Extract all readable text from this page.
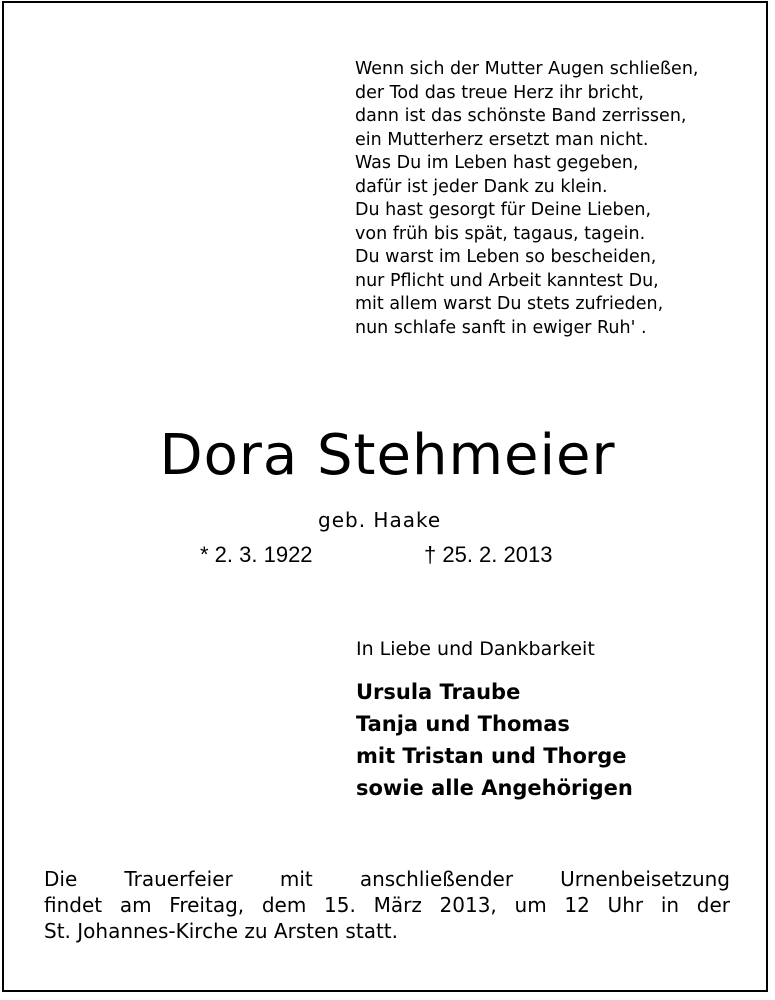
Wenn sich der Mutter Augen schließen,
der Tod das treue Herz ihr bricht,
dann ist das schönste Band zerrissen,
ein Mutterherz ersetzt man nicht.
Was Du im Leben hast gegeben,
dafür ist jeder Dank zu klein.
Du hast gesorgt für Deine Lieben,
von früh bis spät, tagaus, tagein.
Du warst im Leben so bescheiden,
nur Pflicht und Arbeit kanntest Du,
mit allem warst Du stets zufrieden,
nun schlafe sanft in ewiger Ruh' .
Dora Stehmeier
geb. Haake
* 2. 3. 1922	† 25. 2. 2013
In Liebe und Dankbarkeit
Ursula Traube
Tanja und Thomas
mit Tristan und Thorge
sowie alle Angehörigen
Die Trauerfeier mit anschließender Urnenbeisetzung
findet am Freitag, dem 15. März 2013, um 12 Uhr in der
St. Johannes-Kirche zu Arsten statt.
